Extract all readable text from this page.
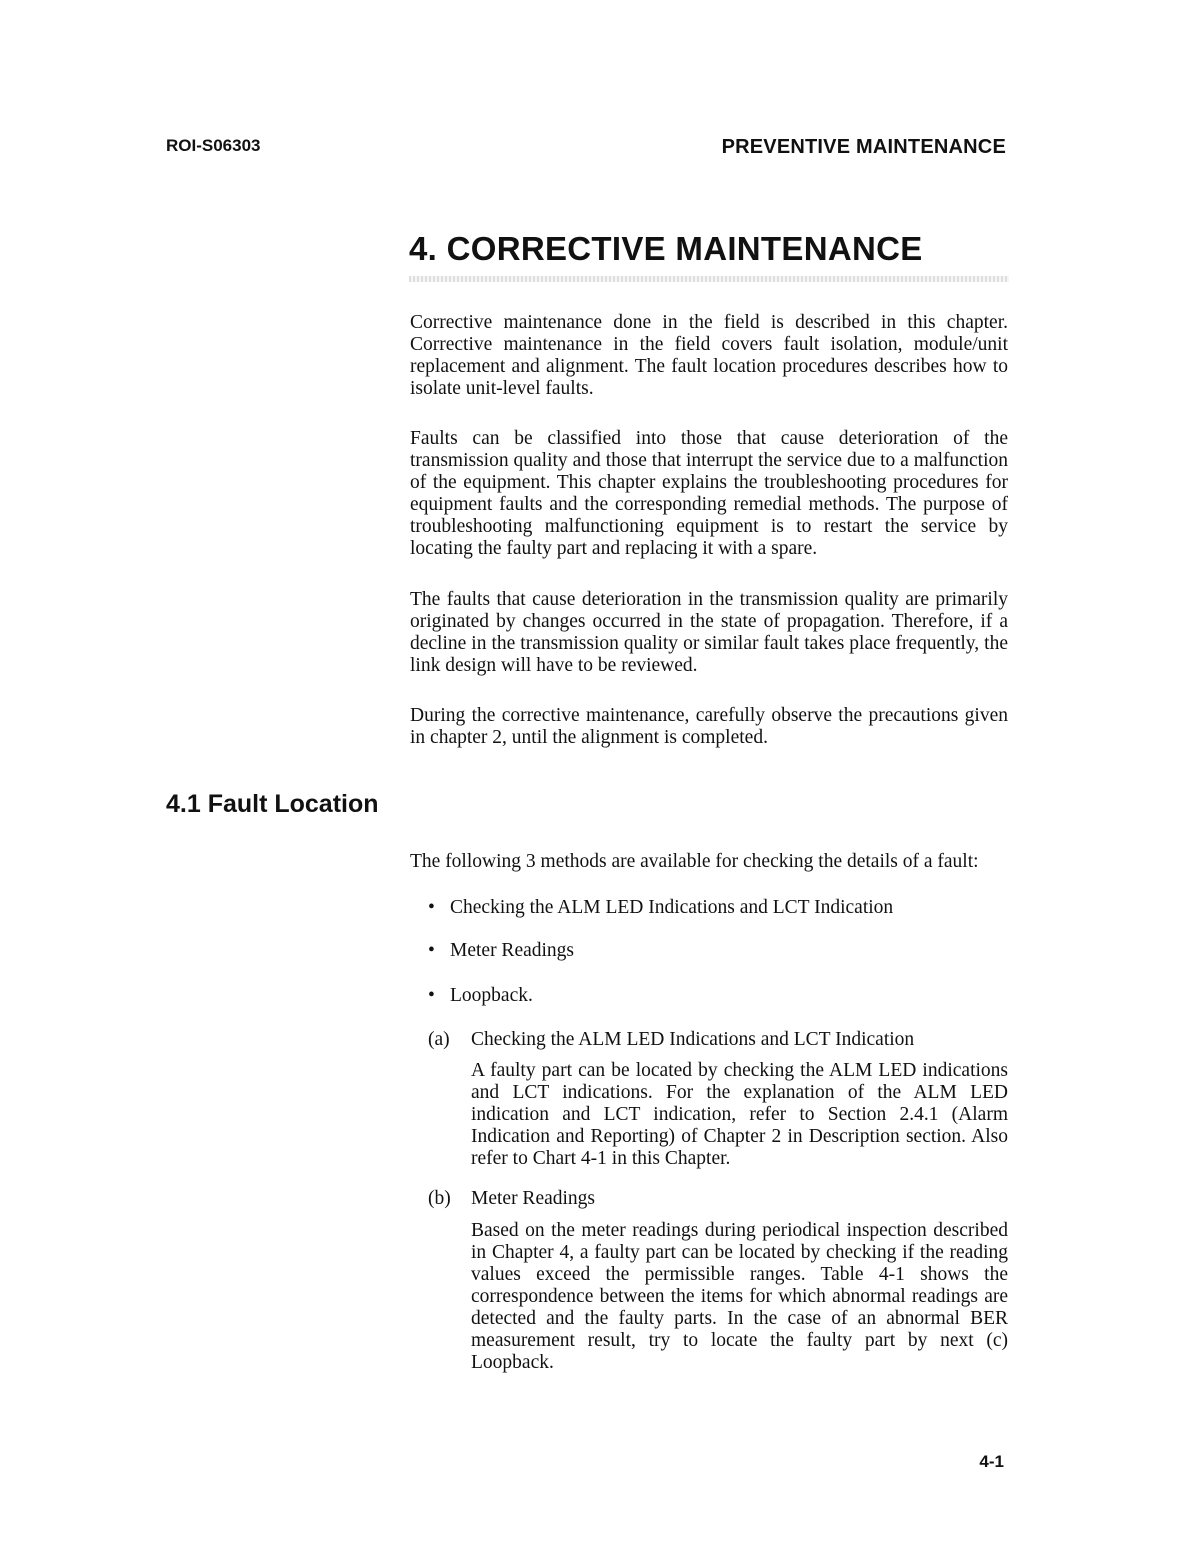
ROI-S06303	PREVENTIVE MAINTENANCE
4. CORRECTIVE MAINTENANCE

Corrective maintenance done in the field is described in this chapter. Corrective maintenance in the field covers fault isolation, module/unit replacement and alignment. The fault location procedures describes how to isolate unit-level faults.

Faults can be classified into those that cause deterioration of the transmission quality and those that interrupt the service due to a malfunction of the equipment. This chapter explains the troubleshooting procedures for equipment faults and the corresponding remedial methods. The purpose of troubleshooting malfunctioning equipment is to restart the service by locating the faulty part and replacing it with a spare.

The faults that cause deterioration in the transmission quality are primarily originated by changes occurred in the state of propagation. Therefore, if a decline in the transmission quality or similar fault takes place frequently, the link design will have to be reviewed.

During the corrective maintenance, carefully observe the precautions given in chapter 2, until the alignment is completed.

4.1 Fault Location

The following 3 methods are available for checking the details of a fault:

• Checking the ALM LED Indications and LCT Indication
• Meter Readings
• Loopback.
(a)	Checking the ALM LED Indications and LCT Indication

A faulty part can be located by checking the ALM LED indications and LCT indications. For the explanation of the ALM LED indication and LCT indication, refer to Section 2.4.1 (Alarm Indication and Reporting) of Chapter 2 in Description section. Also refer to Chart 4-1 in this Chapter.

(b)	Meter Readings

Based on the meter readings during periodical inspection described in Chapter 4, a faulty part can be located by checking if the reading values exceed the permissible ranges. Table 4-1 shows the correspondence between the items for which abnormal readings are detected and the faulty parts. In the case of an abnormal BER measurement result, try to locate the faulty part by next (c) Loopback.

4-1
